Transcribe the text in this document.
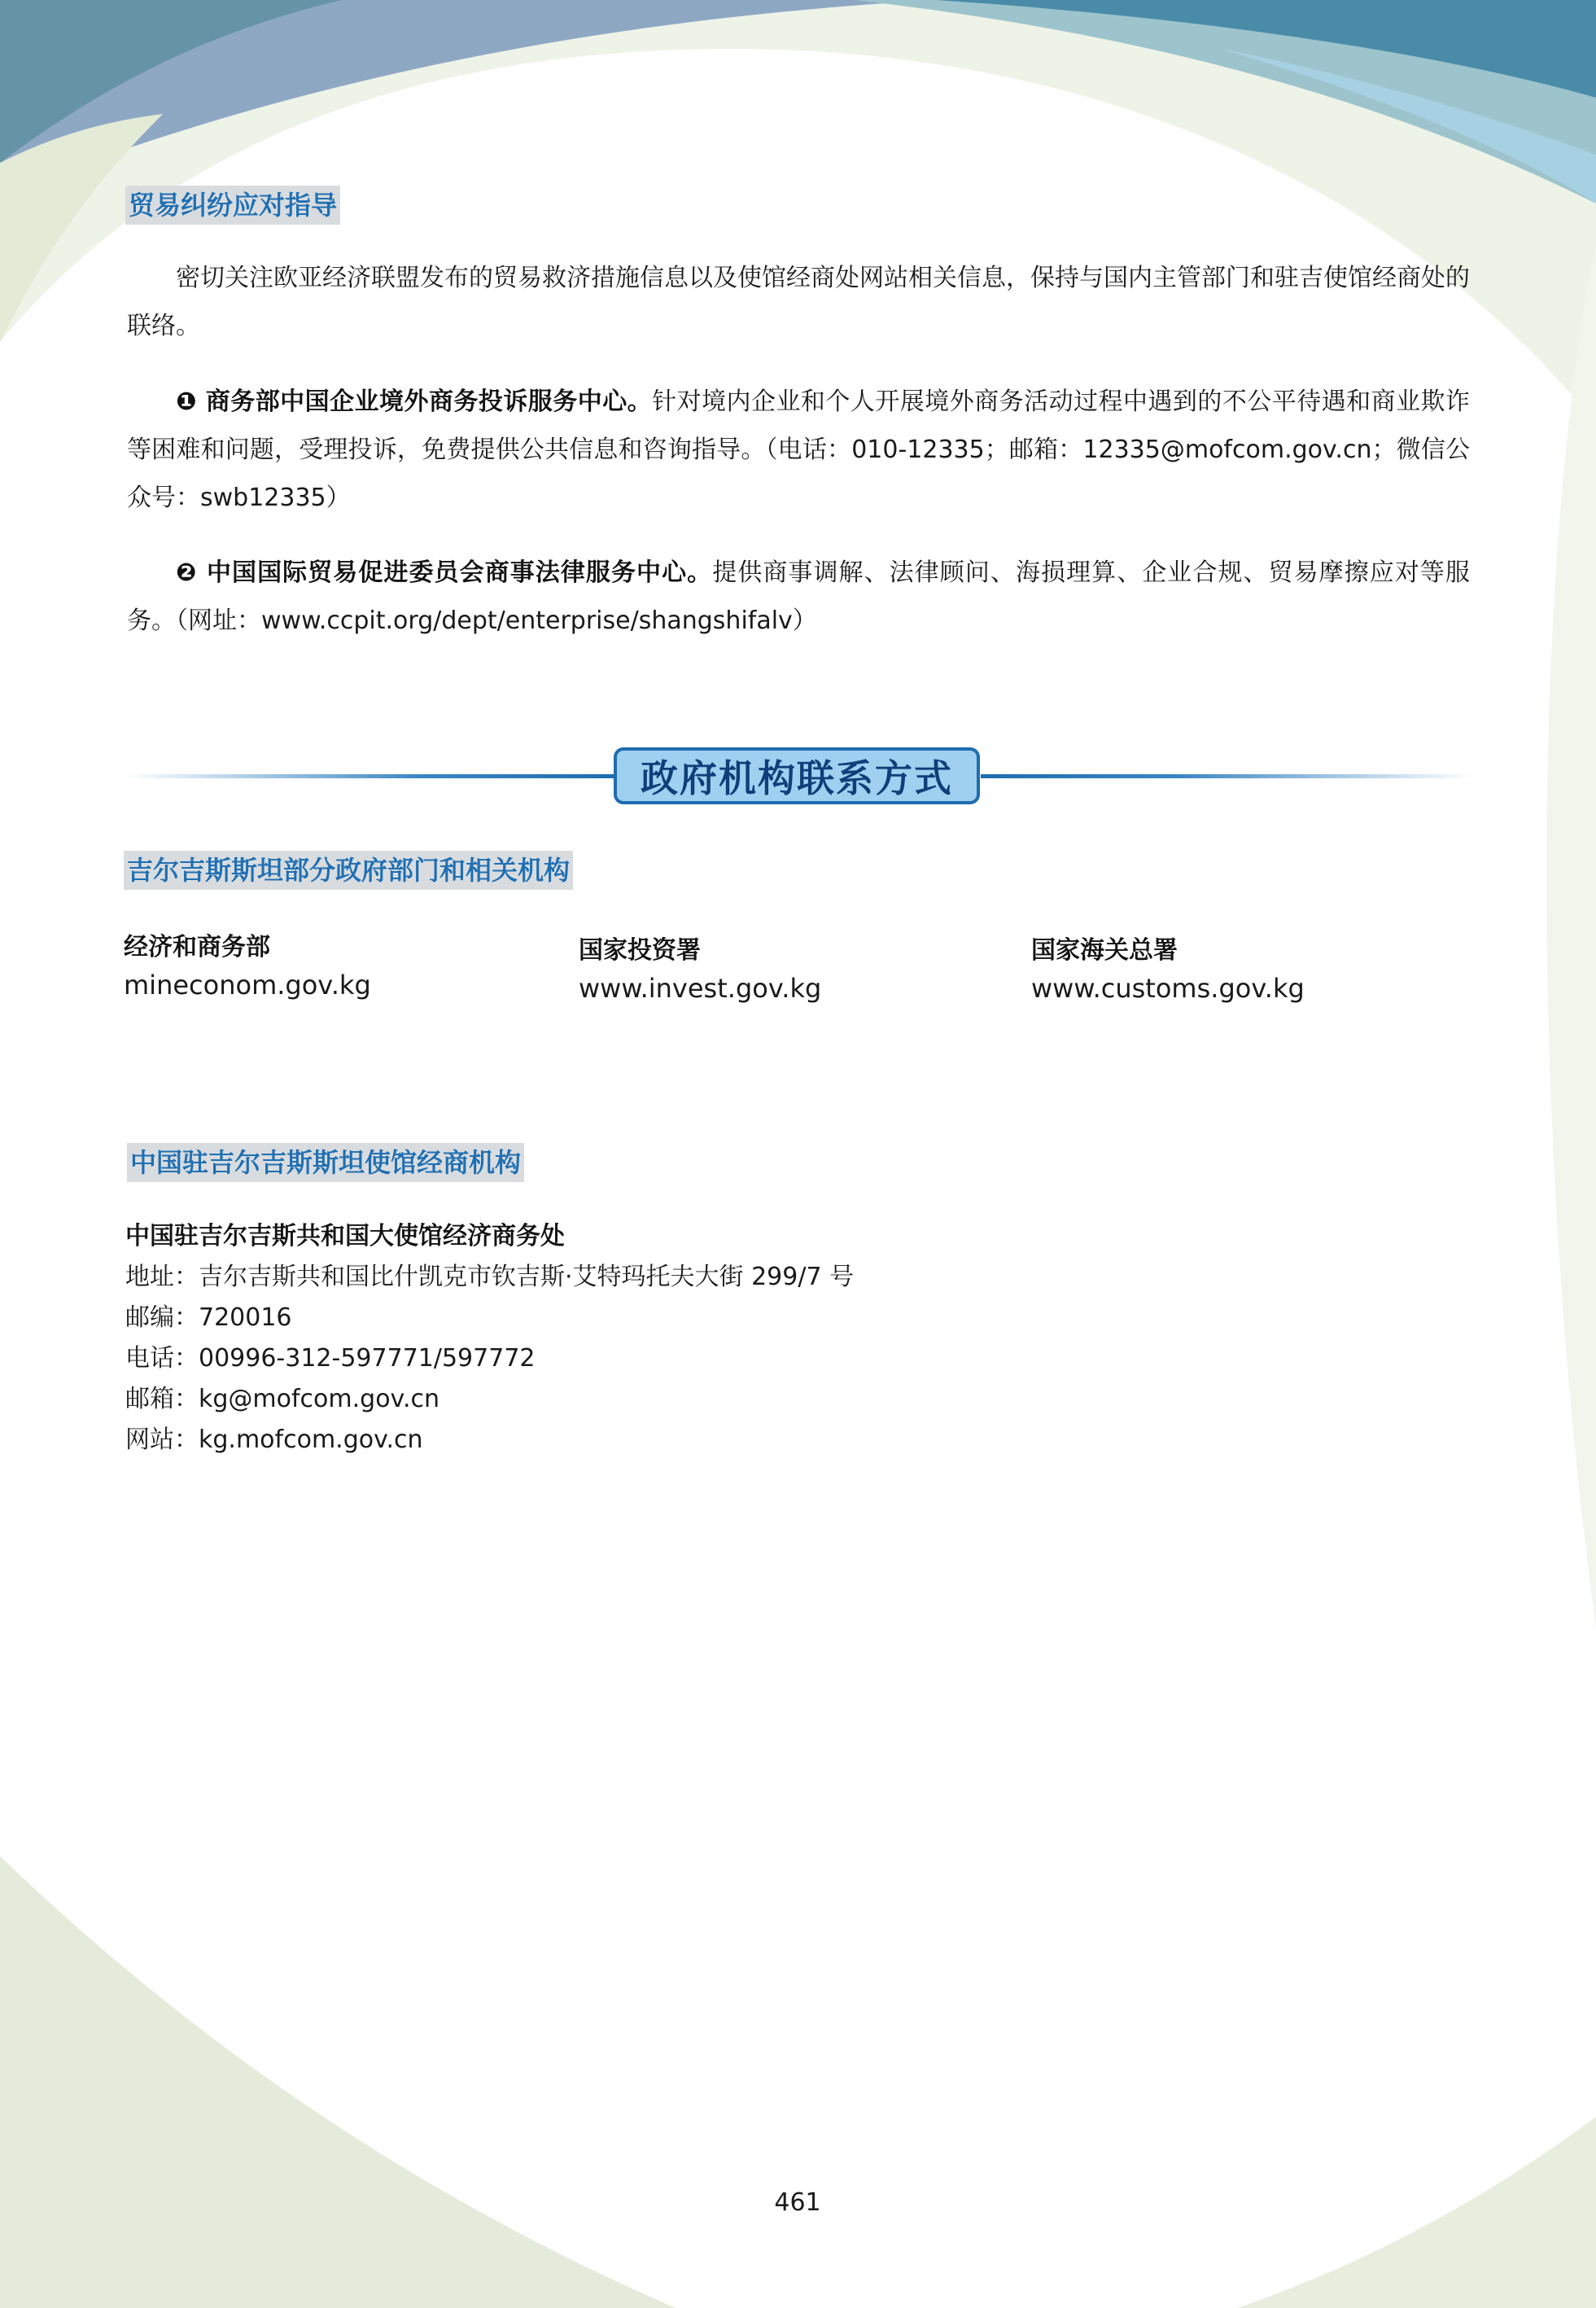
贸易纠纷应对指导

密切关注欧亚经济联盟发布的贸易救济措施信息以及使馆经商处网站相关信息，保持与国内主管部门和驻吉使馆经商处的联络。

❶ 商务部中国企业境外商务投诉服务中心。针对境内企业和个人开展境外商务活动过程中遇到的不公平待遇和商业欺诈等困难和问题，受理投诉，免费提供公共信息和咨询指导。（电话：010-12335；邮箱：12335@mofcom.gov.cn；微信公众号：swb12335）

❷ 中国国际贸易促进委员会商事法律服务中心。提供商事调解、法律顾问、海损理算、企业合规、贸易摩擦应对等服务。（网址：www.ccpit.org/dept/enterprise/shangshifalv）

政府机构联系方式
吉尔吉斯斯坦部分政府部门和相关机构
经济和商务部
mineconom.gov.kg
国家投资署
www.invest.gov.kg
国家海关总署
www.customs.gov.kg
中国驻吉尔吉斯斯坦使馆经商机构
中国驻吉尔吉斯共和国大使馆经济商务处
地址：吉尔吉斯共和国比什凯克市钦吉斯·艾特玛托夫大街 299/7 号
邮编：720016
电话：00996-312-597771/597772
邮箱：kg@mofcom.gov.cn
网站：kg.mofcom.gov.cn
461
